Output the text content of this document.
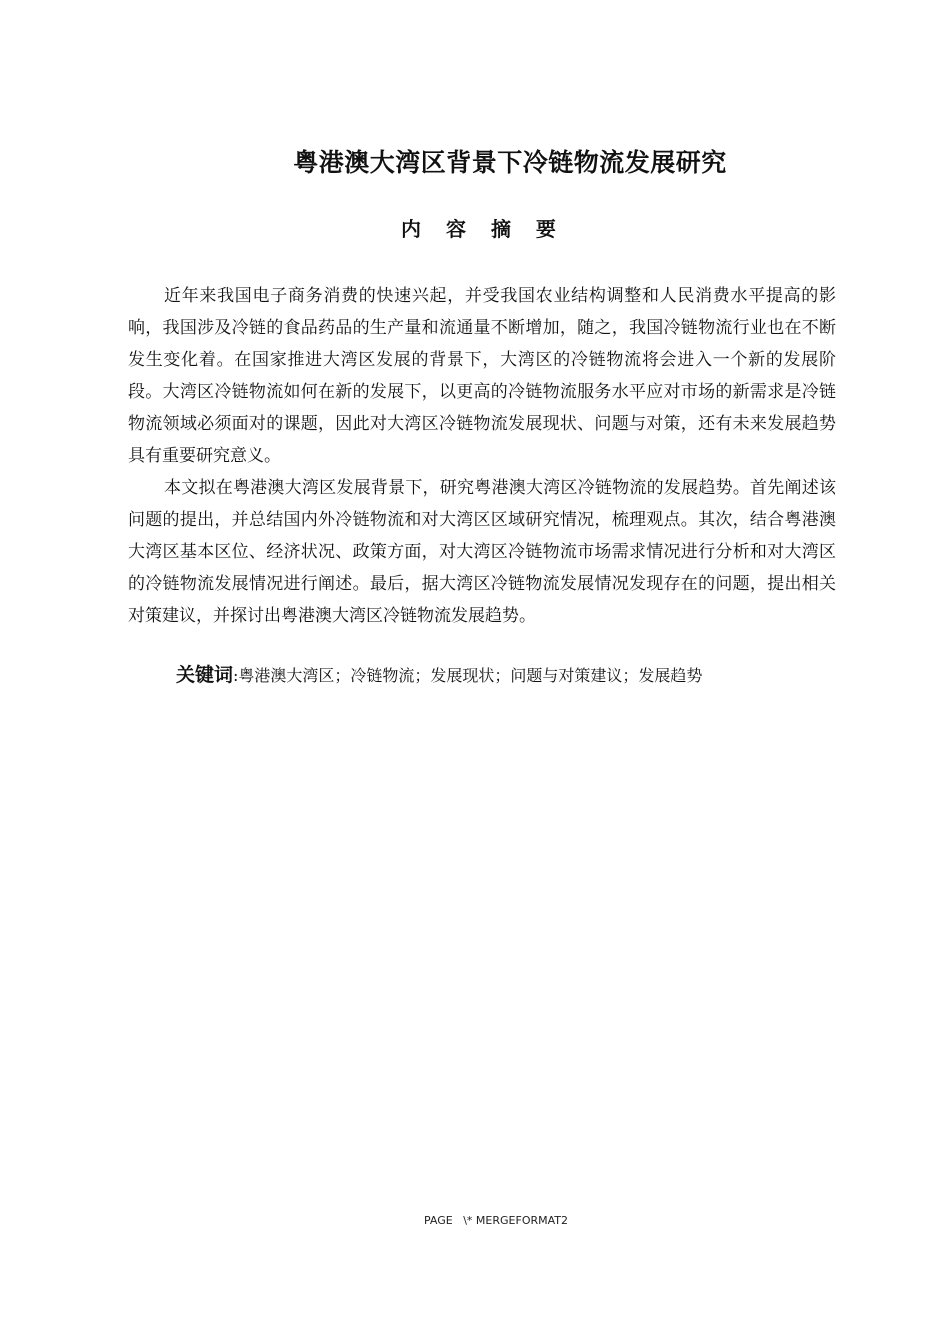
粤港澳大湾区背景下冷链物流发展研究
内 容 摘 要

近年来我国电子商务消费的快速兴起，并受我国农业结构调整和人民消费水平提高的影响，我国涉及冷链的食品药品的生产量和流通量不断增加，随之，我国冷链物流行业也在不断发生变化着。在国家推进大湾区发展的背景下，大湾区的冷链物流将会进入一个新的发展阶段。大湾区冷链物流如何在新的发展下，以更高的冷链物流服务水平应对市场的新需求是冷链物流领域必须面对的课题，因此对大湾区冷链物流发展现状、问题与对策，还有未来发展趋势具有重要研究意义。

本文拟在粤港澳大湾区发展背景下，研究粤港澳大湾区冷链物流的发展趋势。首先阐述该问题的提出，并总结国内外冷链物流和对大湾区区域研究情况，梳理观点。其次，结合粤港澳大湾区基本区位、经济状况、政策方面，对大湾区冷链物流市场需求情况进行分析和对大湾区的冷链物流发展情况进行阐述。最后，据大湾区冷链物流发展情况发现存在的问题，提出相关对策建议，并探讨出粤港澳大湾区冷链物流发展趋势。

关键词:粤港澳大湾区；冷链物流；发展现状；问题与对策建议；发展趋势
PAGE   \* MERGEFORMAT2
